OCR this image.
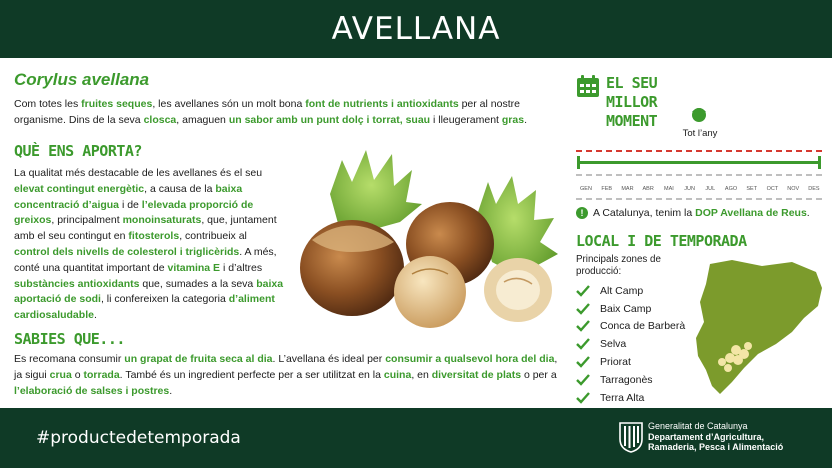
AVELLANA
Corylus avellana

Com totes les fruites seques, les avellanes són un molt bona font de nutrients i antioxidants per al nostre organisme. Dins de la seva closca, amaguen un sabor amb un punt dolç i torrat, suau i lleugerament gras.

QUÈ ENS APORTA?

La qualitat més destacable de les avellanes és el seu elevat contingut energètic, a causa de la baixa concentració d’aigua i de l’elevada proporció de greixos, principalment monoinsaturats, que, juntament amb el seu contingut en fitosterols, contribueix al control dels nivells de colesterol i triglicèrids. A més, conté una quantitat important de vitamina E i d’altres substàncies antioxidants que, sumades a la seva baixa aportació de sodi, li confereixen la categoria d’aliment cardiosaludable.

SABIES QUE...

Es recomana consumir un grapat de fruita seca al dia. L’avellana és ideal per consumir a qualsevol hora del dia, ja sigui crua o torrada. També és un ingredient perfecte per a ser utilitzat en la cuina, en diversitat de plats o per a l’elaboració de salses i postres.

EL SEU MILLOR MOMENT
Tot l’any
GEN	FEB	MAR	ABR	MAI	JUN	JUL	AGO	SET	OCT	NOV	DES
! A Catalunya, tenim la DOP Avellana de Reus.

LOCAL I DE TEMPORADA
Principals zones de producció:
Alt Camp
Baix Camp
Conca de Barberà
Selva
Priorat
Tarragonès
Terra Alta
#productedetemporada
Generalitat de Catalunya
Departament d’Agricultura,
Ramaderia, Pesca i Alimentació
